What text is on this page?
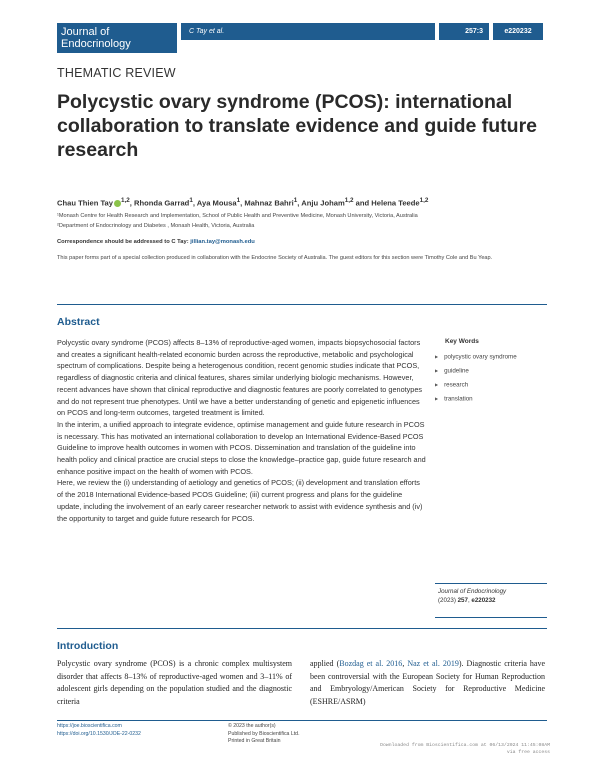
Journal of
Endocrinology
C Tay et al.	257:3	e220232
THEMATIC REVIEW
Polycystic ovary syndrome (PCOS): international collaboration to translate evidence and guide future research
Chau Thien Tay $^{1,2}$, Rhonda Garrad$^1$, Aya Mousa$^1$, Mahnaz Bahri$^1$, Anju Joham$^{1,2}$ and Helena Teede$^{1,2}$
¹Monash Centre for Health Research and Implementation, School of Public Health and Preventive Medicine, Monash University, Victoria, Australia
²Department of Endocrinology and Diabetes , Monash Health, Victoria, Australia
Correspondence should be addressed to C Tay: jillian.tay@monash.edu
This paper forms part of a special collection produced in collaboration with the Endocrine Society of Australia. The guest editors for this section were Timothy Cole and Bu Yeap.
Abstract

Polycystic ovary syndrome (PCOS) affects 8–13% of reproductive-aged women, impacts biopsychosocial factors and creates a significant health-related economic burden across the reproductive, metabolic and psychological spectrum of complications. Despite being a heterogenous condition, recent genomic studies indicate that PCOS, regardless of diagnostic criteria and clinical features, shares similar underlying biologic mechanisms. However, recent advances have shown that clinical reproductive and diagnostic features are poorly correlated to genotypes and do not represent true phenotypes. Until we have a better understanding of genetic and epigenetic influences on PCOS and long-term outcomes, targeted treatment is limited.

In the interim, a unified approach to integrate evidence, optimise management and guide future research in PCOS is necessary. This has motivated an international collaboration to develop an International Evidence-Based PCOS Guideline to improve health outcomes in women with PCOS. Dissemination and translation of the guideline into health policy and clinical practice are crucial steps to close the knowledge–practice gap, guide future research and enhance positive impact on the health of women with PCOS.

Here, we review the (i) understanding of aetiology and genetics of PCOS; (ii) development and translation efforts of the 2018 International Evidence-based PCOS Guideline; (iii) current progress and plans for the guideline update, including the involvement of an early career researcher network to assist with evidence synthesis and (iv) the opportunity to target and guide future research for PCOS.

Key Words
▶ polycystic ovary syndrome
▶ guideline
▶ research
▶ translation
Journal of Endocrinology
(2023) 257, e220232
Introduction

Polycystic ovary syndrome (PCOS) is a chronic complex multisystem disorder that affects 8–13% of reproductive-aged women and 3–11% of adolescent girls depending on the population studied and the diagnostic criteria

applied (Bozdag et al. 2016, Naz et al. 2019). Diagnostic criteria have been controversial with the European Society for Human Reproduction and Embryology/American Society for Reproductive Medicine (ESHRE/ASRM)

https://joe.bioscientifica.com
https://doi.org/10.1530/JOE-22-0232
© 2023 the author(s)
Published by Bioscientifica Ltd.
Printed in Great Britain
Downloaded from Bioscientifica.com at 06/13/2024 11:45:08AM
via free access
